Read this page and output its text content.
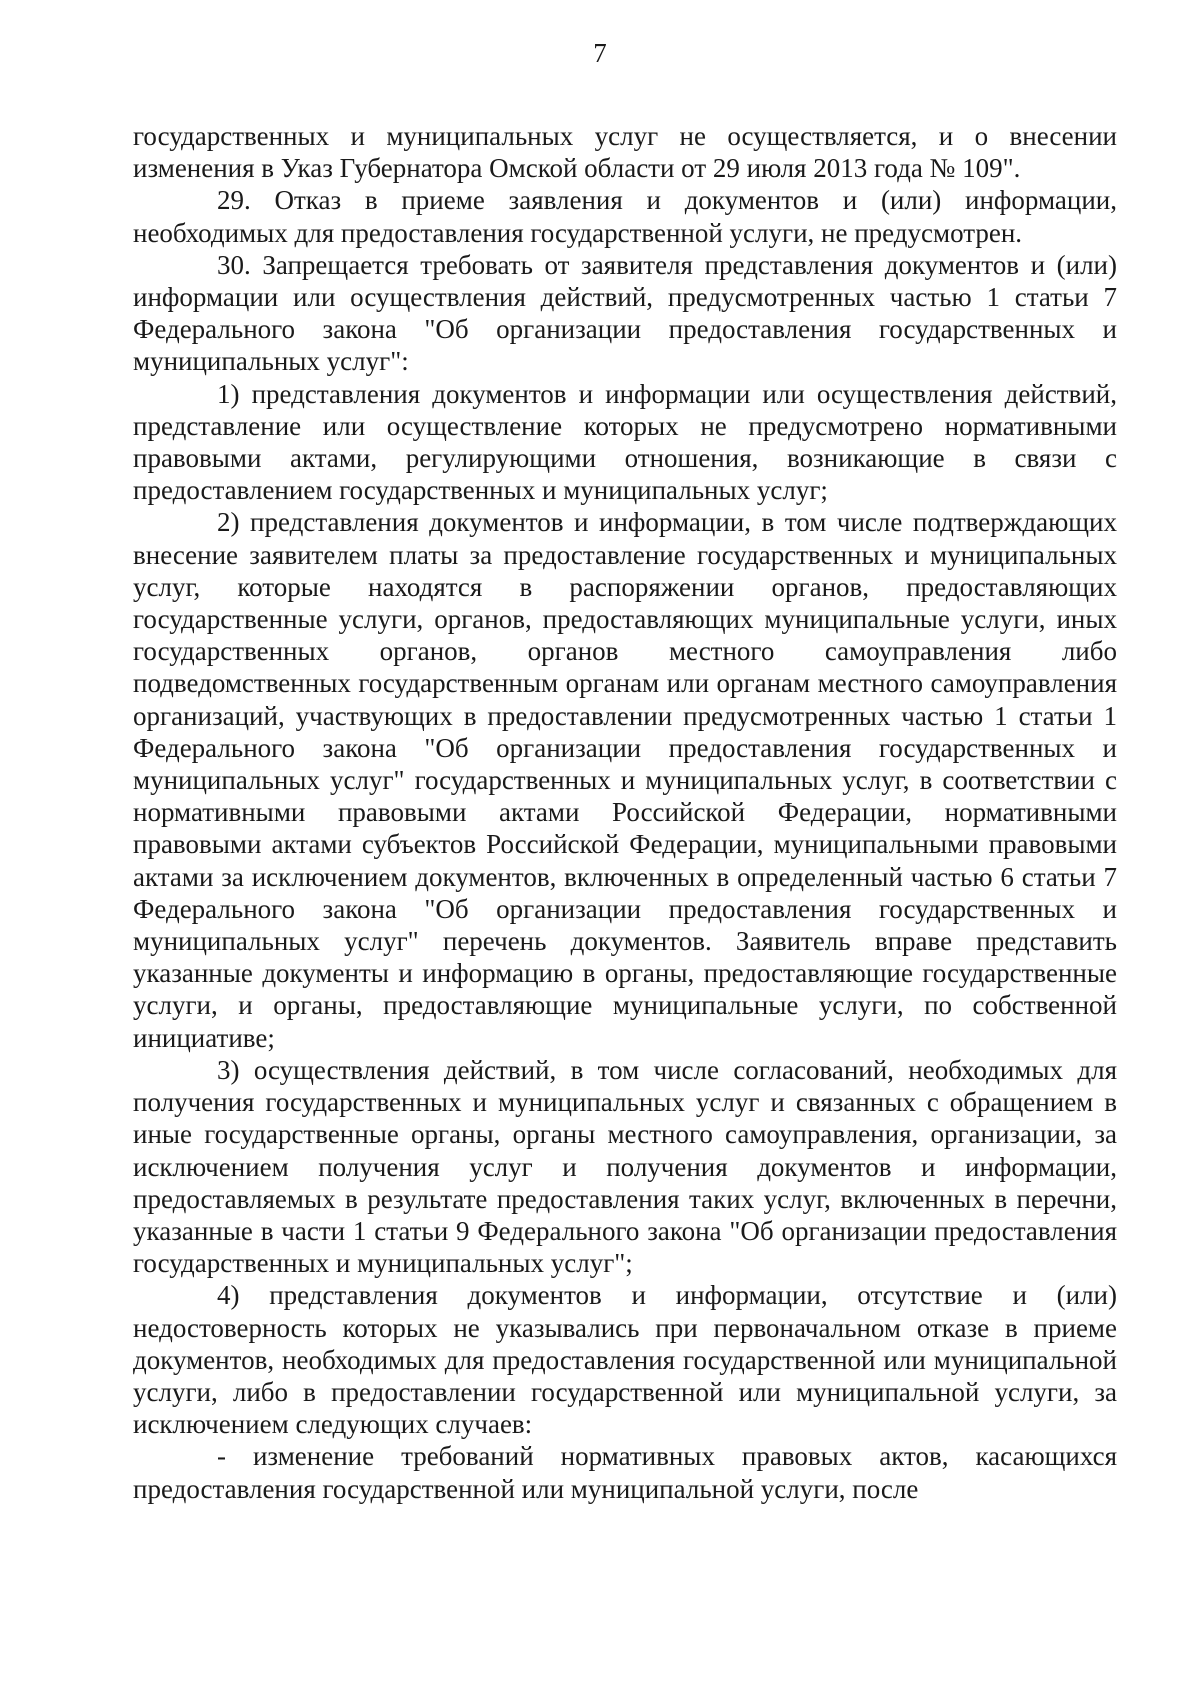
7

государственных и муниципальных услуг не осуществляется, и о внесении изменения в Указ Губернатора Омской области от 29 июля 2013 года № 109".

29. Отказ в приеме заявления и документов и (или) информации, необходимых для предоставления государственной услуги, не предусмотрен.

30. Запрещается требовать от заявителя представления документов и (или) информации или осуществления действий, предусмотренных частью 1 статьи 7 Федерального закона "Об организации предоставления государственных и муниципальных услуг":

1) представления документов и информации или осуществления действий, представление или осуществление которых не предусмотрено нормативными правовыми актами, регулирующими отношения, возникающие в связи с предоставлением государственных и муниципальных услуг;

2) представления документов и информации, в том числе подтверждающих внесение заявителем платы за предоставление государственных и муниципальных услуг, которые находятся в распоряжении органов, предоставляющих государственные услуги, органов, предоставляющих муниципальные услуги, иных государственных органов, органов местного самоуправления либо подведомственных государственным органам или органам местного самоуправления организаций, участвующих в предоставлении предусмотренных частью 1 статьи 1 Федерального закона "Об организации предоставления государственных и муниципальных услуг" государственных и муниципальных услуг, в соответствии с нормативными правовыми актами Российской Федерации, нормативными правовыми актами субъектов Российской Федерации, муниципальными правовыми актами за исключением документов, включенных в определенный частью 6 статьи 7 Федерального закона "Об организации предоставления государственных и муниципальных услуг" перечень документов. Заявитель вправе представить указанные документы и информацию в органы, предоставляющие государственные услуги, и органы, предоставляющие муниципальные услуги, по собственной инициативе;

3) осуществления действий, в том числе согласований, необходимых для получения государственных и муниципальных услуг и связанных с обращением в иные государственные органы, органы местного самоуправления, организации, за исключением получения услуг и получения документов и информации, предоставляемых в результате предоставления таких услуг, включенных в перечни, указанные в части 1 статьи 9 Федерального закона "Об организации предоставления государственных и муниципальных услуг";

4) представления документов и информации, отсутствие и (или) недостоверность которых не указывались при первоначальном отказе в приеме документов, необходимых для предоставления государственной или муниципальной услуги, либо в предоставлении государственной или муниципальной услуги, за исключением следующих случаев:

- изменение требований нормативных правовых актов, касающихся предоставления государственной или муниципальной услуги, после
